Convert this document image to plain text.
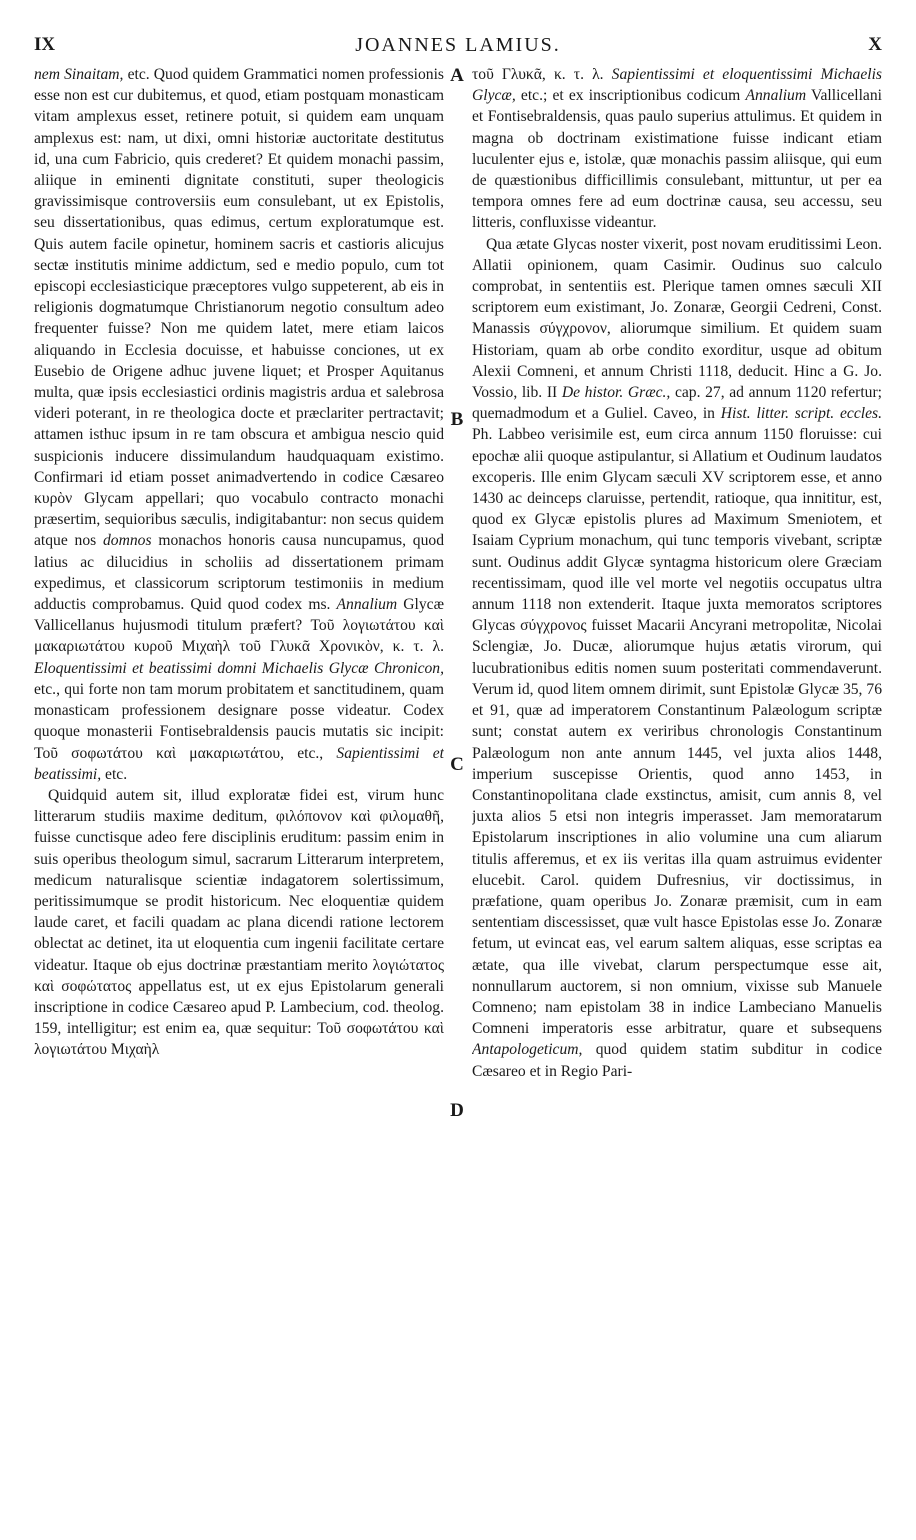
IX	JOANNES LAMIUS.	X

nem Sinaitam, etc. Quod quidem Grammatici nomen professionis esse non est cur dubitemus, et quod, etiam postquam monasticam vitam amplexus esset, retinere potuit, si quidem eam unquam amplexus est: nam, ut dixi, omni historiæ auctoritate destitutus id, una cum Fabricio, quis crederet? Et quidem monachi passim, aliique in eminenti dignitate constituti, super theologicis gravissimisque controversiis eum consulebant, ut ex Epistolis, seu dissertationibus, quas edimus, certum exploratumque est. Quis autem facile opinetur, hominem sacris et castioris alicujus sectæ institutis minime addictum, sed e medio populo, cum tot episcopi ecclesiasticique præceptores vulgo suppeterent, ab eis in religionis dogmatumque Christianorum negotio consultum adeo frequenter fuisse? Non me quidem latet, mere etiam laicos aliquando in Ecclesia docuisse, et habuisse conciones, ut ex Eusebio de Origene adhuc juvene liquet; et Prosper Aquitanus multa, quæ ipsis ecclesiastici ordinis magistris ardua et salebrosa videri poterant, in re theologica docte et præclariter pertractavit; attamen isthuc ipsum in re tam obscura et ambigua nescio quid suspicionis inducere dissimulandum haudquaquam existimo. Confirmari id etiam posset animadvertendo in codice Cæsareo κυρὸν Glycam appellari; quo vocabulo contracto monachi præsertim, sequioribus sæculis, indigitabantur: non secus quidem atque nos domnos monachos honoris causa nuncupamus, quod latius ac dilucidius in scholiis ad dissertationem primam expedimus, et classicorum scriptorum testimoniis in medium adductis comprobamus. Quid quod codex ms. Annalium Glycæ Vallicellanus hujusmodi titulum præfert? Τοῦ λογιωτάτου καὶ μακαριωτάτου κυροῦ Μιχαὴλ τοῦ Γλυκᾶ Χρονικὸν, κ. τ. λ. Eloquentissimi et beatissimi domni Michaelis Glycæ Chronicon, etc., qui forte non tam morum probitatem et sanctitudinem, quam monasticam professionem designare posse videatur. Codex quoque monasterii Fontisebraldensis paucis mutatis sic incipit: Τοῦ σοφωτάτου καὶ μακαριωτάτου, etc., Sapientissimi et beatissimi, etc.

Quidquid autem sit, illud exploratæ fidei est, virum hunc litterarum studiis maxime deditum, φιλόπονον καὶ φιλομαθῆ, fuisse cunctisque adeo fere disciplinis eruditum: passim enim in suis operibus theologum simul, sacrarum Litterarum interpretem, medicum naturalisque scientiæ indagatorem solertissimum, peritissimumque se prodit historicum. Nec eloquentiæ quidem laude caret, et facili quadam ac plana dicendi ratione lectorem oblectat ac detinet, ita ut eloquentia cum ingenii facilitate certare videatur. Itaque ob ejus doctrinæ præstantiam merito λογιώτατος καὶ σοφώτατος appellatus est, ut ex ejus Epistolarum generali inscriptione in codice Cæsareo apud P. Lambecium, cod. theolog. 159, intelligitur; est enim ea, quæ sequitur: Τοῦ σοφωτάτου καὶ λογιωτάτου Μιχαὴλ

A
B
C
D

τοῦ Γλυκᾶ, κ. τ. λ. Sapientissimi et eloquentissimi Michaelis Glycæ, etc.; et ex inscriptionibus codicum Annalium Vallicellani et Fontisebraldensis, quas paulo superius attulimus. Et quidem in magna ob doctrinam existimatione fuisse indicant etiam luculenter ejus e, istolæ, quæ monachis passim aliisque, qui eum de quæstionibus difficillimis consulebant, mittuntur, ut per ea tempora omnes fere ad eum doctrinæ causa, seu accessu, seu litteris, confluxisse videantur.

Qua ætate Glycas noster vixerit, post novam eruditissimi Leon. Allatii opinionem, quam Casimir. Oudinus suo calculo comprobat, in sententiis est. Plerique tamen omnes sæculi XII scriptorem eum existimant, Jo. Zonaræ, Georgii Cedreni, Const. Manassis σύγχρονον, aliorumque similium. Et quidem suam Historiam, quam ab orbe condito exorditur, usque ad obitum Alexii Comneni, et annum Christi 1118, deducit. Hinc a G. Jo. Vossio, lib. II De histor. Græc., cap. 27, ad annum 1120 refertur; quemadmodum et a Guliel. Caveo, in Hist. litter. script. eccles. Ph. Labbeo verisimile est, eum circa annum 1150 floruisse: cui epochæ alii quoque astipulantur, si Allatium et Oudinum laudatos excoperis. Ille enim Glycam sæculi XV scriptorem esse, et anno 1430 ac deinceps claruisse, pertendit, ratioque, qua innititur, est, quod ex Glycæ epistolis plures ad Maximum Smeniotem, et Isaiam Cyprium monachum, qui tunc temporis vivebant, scriptæ sunt. Oudinus addit Glycæ syntagma historicum olere Græciam recentissimam, quod ille vel morte vel negotiis occupatus ultra annum 1118 non extenderit. Itaque juxta memoratos scriptores Glycas σύγχρονος fuisset Macarii Ancyrani metropolitæ, Nicolai Sclengiæ, Jo. Ducæ, aliorumque hujus ætatis virorum, qui lucubrationibus editis nomen suum posteritati commendaverunt. Verum id, quod litem omnem dirimit, sunt Epistolæ Glycæ 35, 76 et 91, quæ ad imperatorem Constantinum Palæologum scriptæ sunt; constat autem ex veriribus chronologis Constantinum Palæologum non ante annum 1445, vel juxta alios 1448, imperium suscepisse Orientis, quod anno 1453, in Constantinopolitana clade exstinctus, amisit, cum annis 8, vel juxta alios 5 etsi non integris imperasset. Jam memoratarum Epistolarum inscriptiones in alio volumine una cum aliarum titulis afferemus, et ex iis veritas illa quam astruimus evidenter elucebit. Carol. quidem Dufresnius, vir doctissimus, in præfatione, quam operibus Jo. Zonaræ præmisit, cum in eam sententiam discessisset, quæ vult hasce Epistolas esse Jo. Zonaræ fetum, ut evincat eas, vel earum saltem aliquas, esse scriptas ea ætate, qua ille vivebat, clarum perspectumque esse ait, nonnullarum auctorem, si non omnium, vixisse sub Manuele Comneno; nam epistolam 38 in indice Lambeciano Manuelis Comneni imperatoris esse arbitratur, quare et subsequens Antapologeticum, quod quidem statim subditur in codice Cæsareo et in Regio Pari-
